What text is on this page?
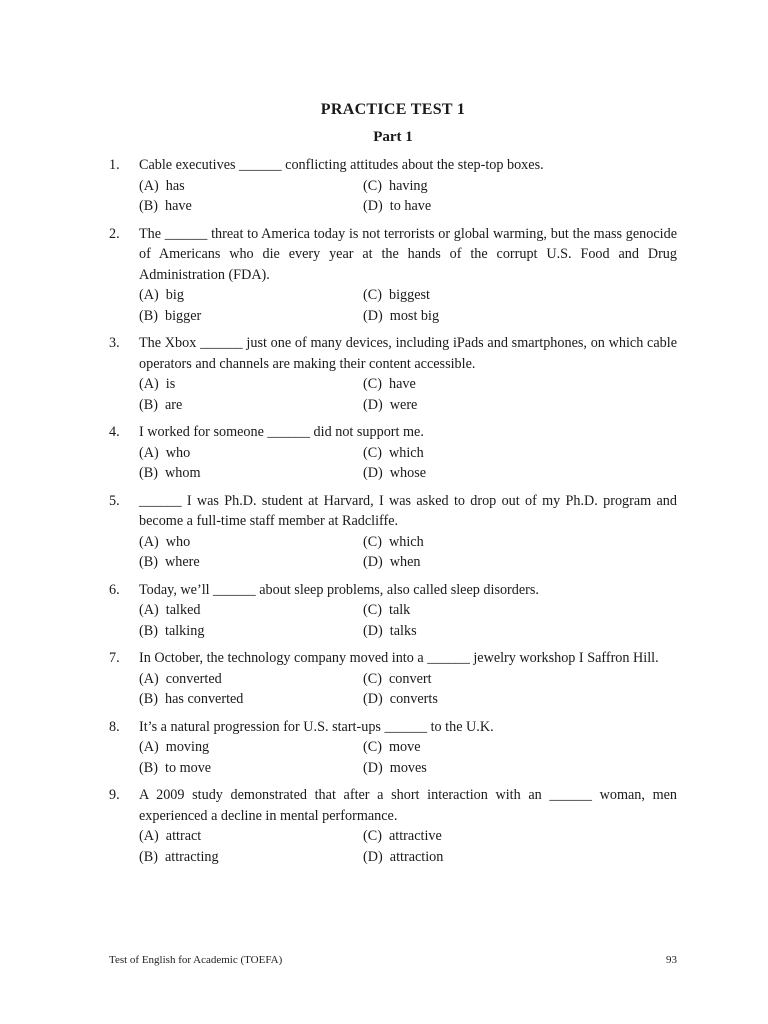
PRACTICE TEST 1
Part 1
1. Cable executives ______ conflicting attitudes about the step-top boxes.
(A)  has	(C)  having
(B)  have	(D)  to have
2. The ______ threat to America today is not terrorists or global warming, but the mass genocide of Americans who die every year at the hands of the corrupt U.S. Food and Drug Administration (FDA).
(A)  big	(C)  biggest
(B)  bigger	(D)  most big
3. The Xbox ______ just one of many devices, including iPads and smartphones, on which cable operators and channels are making their content accessible.
(A)  is	(C)  have
(B)  are	(D)  were
4. I worked for someone ______ did not support me.
(A)  who	(C)  which
(B)  whom	(D)  whose
5. ______ I was Ph.D. student at Harvard, I was asked to drop out of my Ph.D. program and become a full-time staff member at Radcliffe.
(A)  who	(C)  which
(B)  where	(D)  when
6. Today, we’ll ______ about sleep problems, also called sleep disorders.
(A)  talked	(C)  talk
(B)  talking	(D)  talks
7. In October, the technology company moved into a ______ jewelry workshop I Saffron Hill.
(A)  converted	(C)  convert
(B)  has converted	(D)  converts
8. It’s a natural progression for U.S. start-ups ______ to the U.K.
(A)  moving	(C)  move
(B)  to move	(D)  moves
9. A 2009 study demonstrated that after a short interaction with an ______ woman, men experienced a decline in mental performance.
(A)  attract	(C)  attractive
(B)  attracting	(D)  attraction
Test of English for Academic (TOEFA)	93
